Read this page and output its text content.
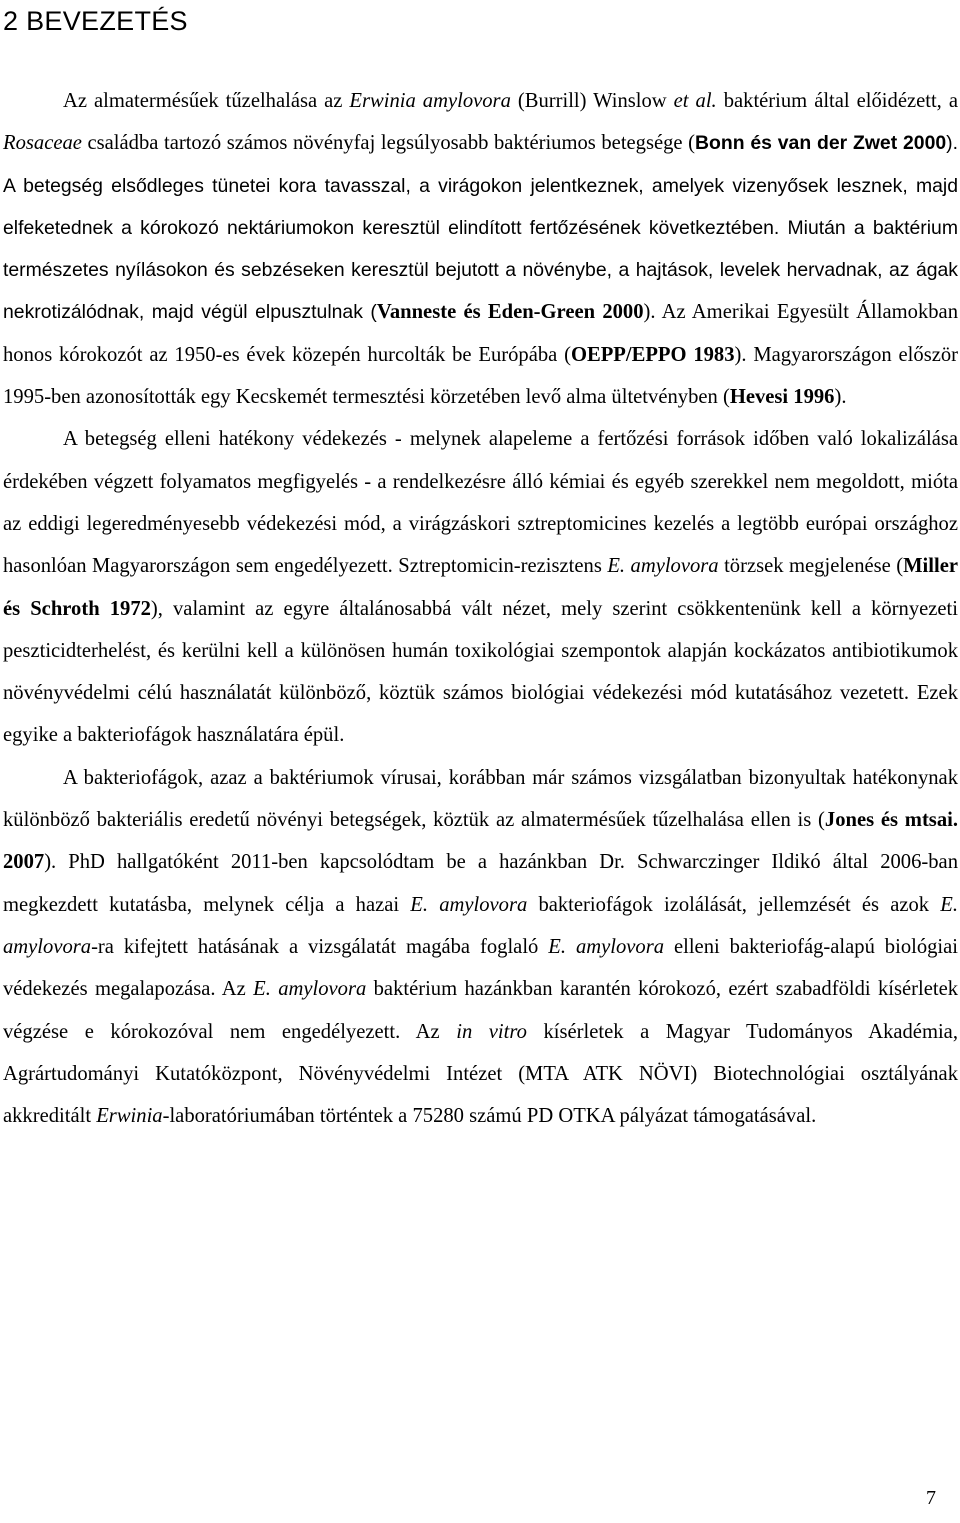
2 BEVEZETÉS

Az almatermésűek tűzelhalása az Erwinia amylovora (Burrill) Winslow et al. baktérium által előidézett, a Rosaceae családba tartozó számos növényfaj legsúlyosabb baktériumos betegsége (Bonn és van der Zwet 2000). A betegség elsődleges tünetei kora tavasszal, a virágokon jelentkeznek, amelyek vizenyősek lesznek, majd elfeketednek a kórokozó nektáriumokon keresztül elindított fertőzésének következtében. Miután a baktérium természetes nyílásokon és sebzéseken keresztül bejutott a növénybe, a hajtások, levelek hervadnak, az ágak nekrotizálódnak, majd végül elpusztulnak (Vanneste és Eden-Green 2000). Az Amerikai Egyesült Államokban honos kórokozót az 1950-es évek közepén hurcolták be Európába (OEPP/EPPO 1983). Magyarországon először 1995-ben azonosították egy Kecskemét termesztési körzetében levő alma ültetvényben (Hevesi 1996).

A betegség elleni hatékony védekezés - melynek alapeleme a fertőzési források időben való lokalizálása érdekében végzett folyamatos megfigyelés - a rendelkezésre álló kémiai és egyéb szerekkel nem megoldott, mióta az eddigi legeredményesebb védekezési mód, a virágzáskori sztreptomicines kezelés a legtöbb európai országhoz hasonlóan Magyarországon sem engedélyezett. Sztreptomicin-rezisztens E. amylovora törzsek megjelenése (Miller és Schroth 1972), valamint az egyre általánosabbá vált nézet, mely szerint csökkentenünk kell a környezeti peszticidterhelést, és kerülni kell a különösen humán toxikológiai szempontok alapján kockázatos antibiotikumok növényvédelmi célú használatát különböző, köztük számos biológiai védekezési mód kutatásához vezetett. Ezek egyike a bakteriofágok használatára épül.

A bakteriofágok, azaz a baktériumok vírusai, korábban már számos vizsgálatban bizonyultak hatékonynak különböző bakteriális eredetű növényi betegségek, köztük az almatermésűek tűzelhalása ellen is (Jones és mtsai. 2007). PhD hallgatóként 2011-ben kapcsolódtam be a hazánkban Dr. Schwarczinger Ildikó által 2006-ban megkezdett kutatásba, melynek célja a hazai E. amylovora bakteriofágok izolálását, jellemzését és azok E. amylovora-ra kifejtett hatásának a vizsgálatát magába foglaló E. amylovora elleni bakteriofág-alapú biológiai védekezés megalapozása. Az E. amylovora baktérium hazánkban karantén kórokozó, ezért szabadföldi kísérletek végzése e kórokozóval nem engedélyezett. Az in vitro kísérletek a Magyar Tudományos Akadémia, Agrártudományi Kutatóközpont, Növényvédelmi Intézet (MTA ATK NÖVI) Biotechnológiai osztályának akkreditált Erwinia-laboratóriumában történtek a 75280 számú PD OTKA pályázat támogatásával.

7
